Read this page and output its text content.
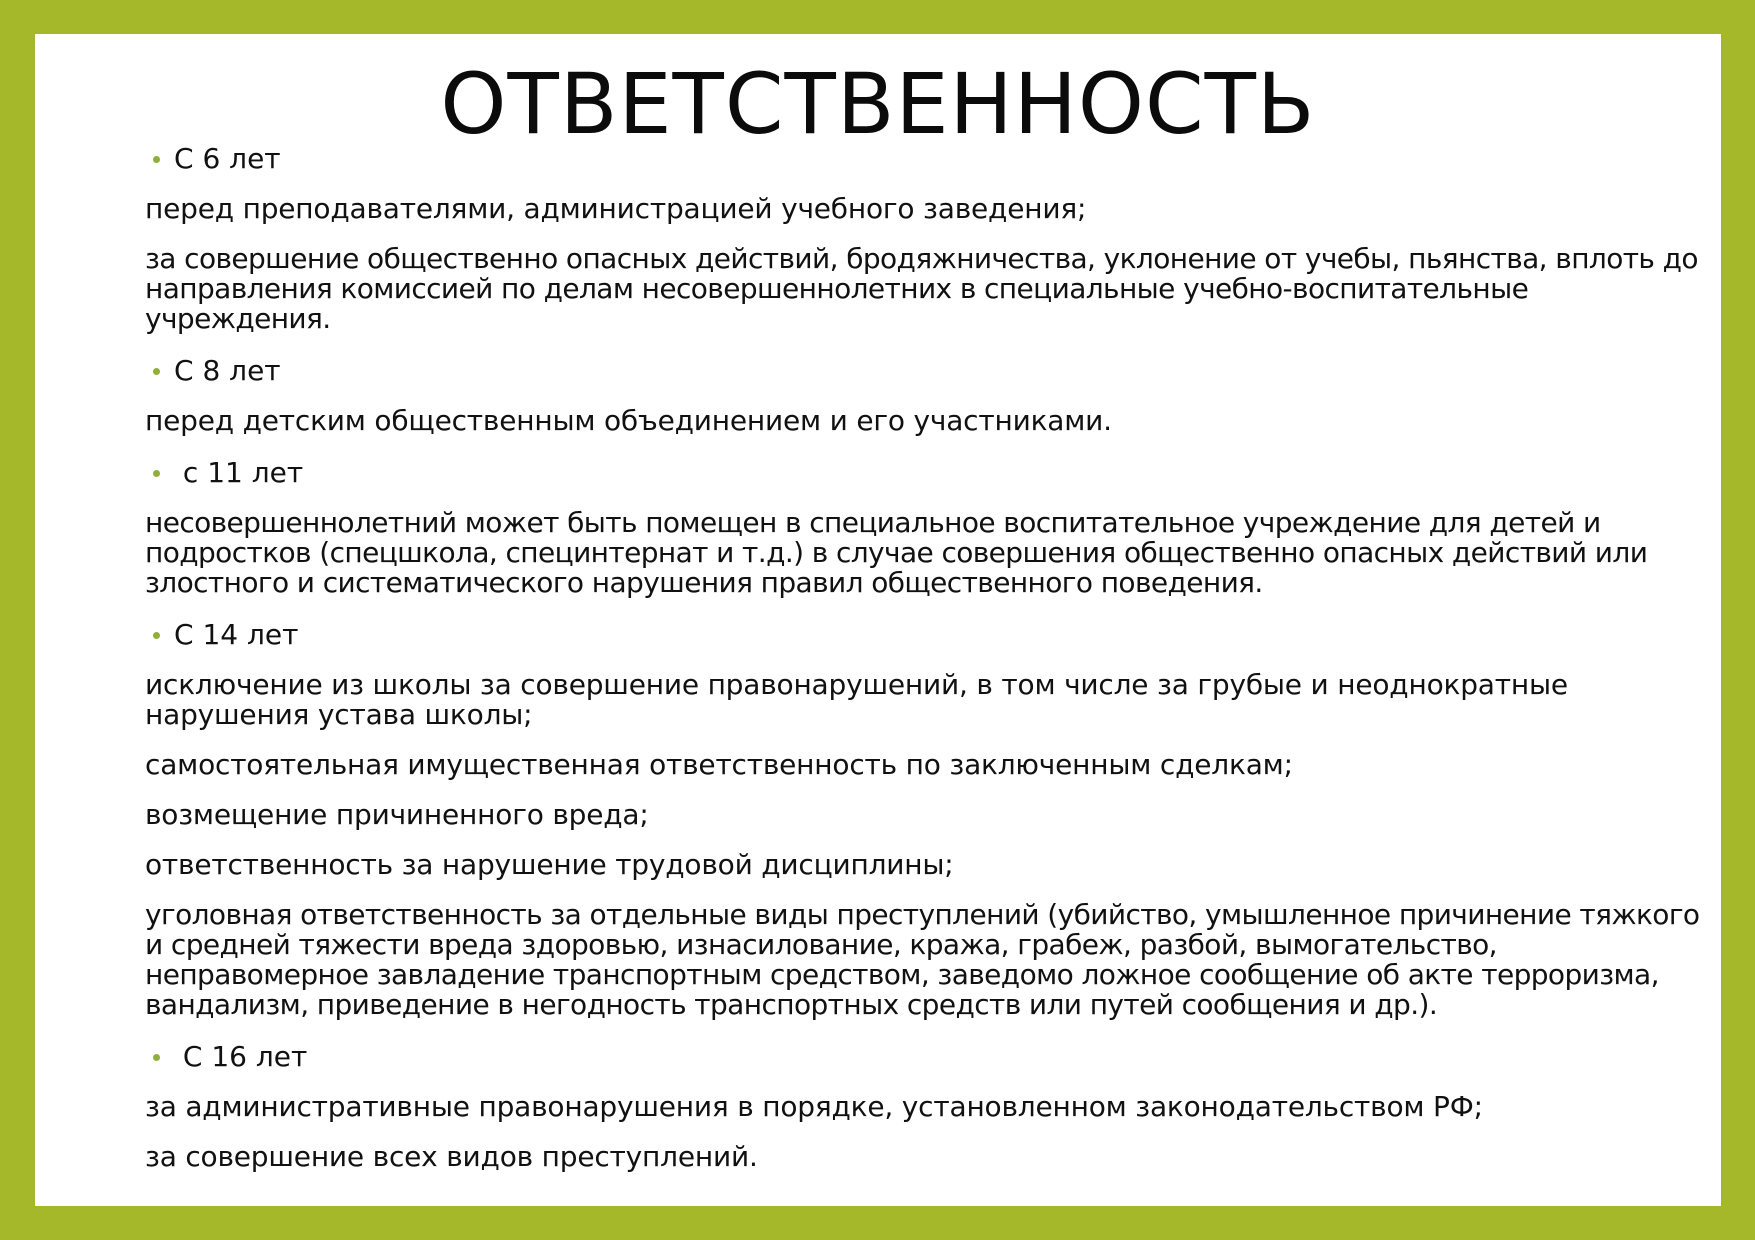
ОТВЕТСТВЕННОСТЬ
С 6 лет
перед преподавателями, администрацией учебного заведения;
за совершение общественно опасных действий, бродяжничества, уклонение от учебы, пьянства, вплоть до направления комиссией по делам несовершеннолетних в специальные учебно-воспитательные учреждения.
С 8 лет
перед детским общественным объединением и его участниками.
с 11 лет
несовершеннолетний может быть помещен в специальное воспитательное учреждение для детей и подростков (спецшкола, специнтернат и т.д.) в случае совершения общественно опасных действий или злостного и систематического нарушения правил общественного поведения.
С 14 лет
исключение из школы за совершение правонарушений, в том числе за грубые и неоднократные нарушения устава школы;
самостоятельная имущественная ответственность по заключенным сделкам;
возмещение причиненного вреда;
ответственность за нарушение трудовой дисциплины;
уголовная ответственность за отдельные виды преступлений (убийство, умышленное причинение тяжкого и средней тяжести вреда здоровью, изнасилование, кража, грабеж, разбой, вымогательство, неправомерное завладение транспортным средством, заведомо ложное сообщение об акте терроризма, вандализм, приведение в негодность транспортных средств или путей сообщения и др.).
С 16 лет
за административные правонарушения в порядке, установленном законодательством РФ;
за совершение всех видов преступлений.
